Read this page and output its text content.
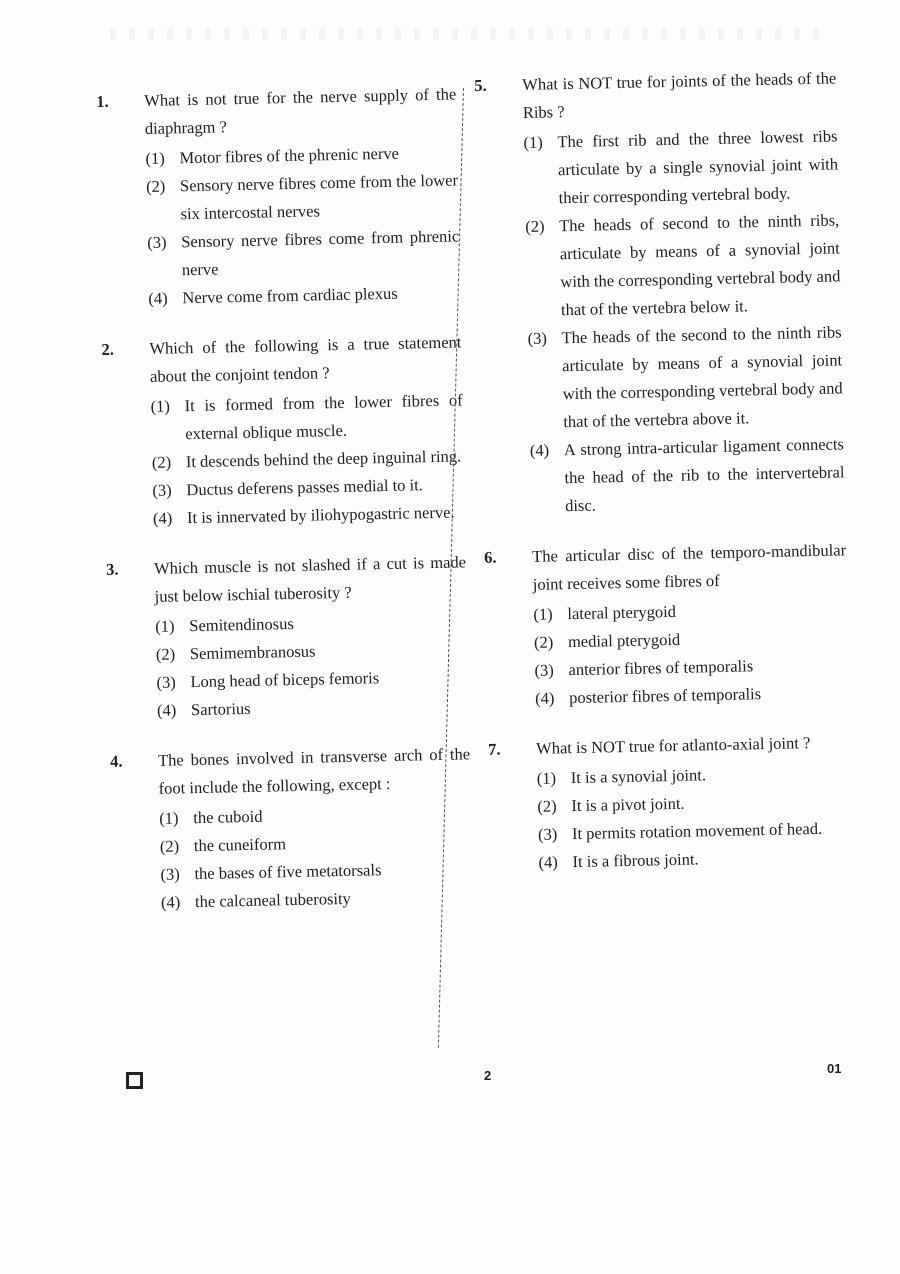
1. What is not true for the nerve supply of the diaphragm ?
(1) Motor fibres of the phrenic nerve
(2) Sensory nerve fibres come from the lower six intercostal nerves
(3) Sensory nerve fibres come from phrenic nerve
(4) Nerve come from cardiac plexus
2. Which of the following is a true statement about the conjoint tendon ?
(1) It is formed from the lower fibres of external oblique muscle.
(2) It descends behind the deep inguinal ring.
(3) Ductus deferens passes medial to it.
(4) It is innervated by iliohypogastric nerve.
3. Which muscle is not slashed if a cut is made just below ischial tuberosity ?
(1) Semitendinosus
(2) Semimembranosus
(3) Long head of biceps femoris
(4) Sartorius
4. The bones involved in transverse arch of the foot include the following, except :
(1) the cuboid
(2) the cuneiform
(3) the bases of five metatorsals
(4) the calcaneal tuberosity
5. What is NOT true for joints of the heads of the Ribs ?
(1) The first rib and the three lowest ribs articulate by a single synovial joint with their corresponding vertebral body.
(2) The heads of second to the ninth ribs, articulate by means of a synovial joint with the corresponding vertebral body and that of the vertebra below it.
(3) The heads of the second to the ninth ribs articulate by means of a synovial joint with the corresponding vertebral body and that of the vertebra above it.
(4) A strong intra-articular ligament connects the head of the rib to the intervertebral disc.
6. The articular disc of the temporo-mandibular joint receives some fibres of
(1) lateral pterygoid
(2) medial pterygoid
(3) anterior fibres of temporalis
(4) posterior fibres of temporalis
7. What is NOT true for atlanto-axial joint ?
(1) It is a synovial joint.
(2) It is a pivot joint.
(3) It permits rotation movement of head.
(4) It is a fibrous joint.
2	01
